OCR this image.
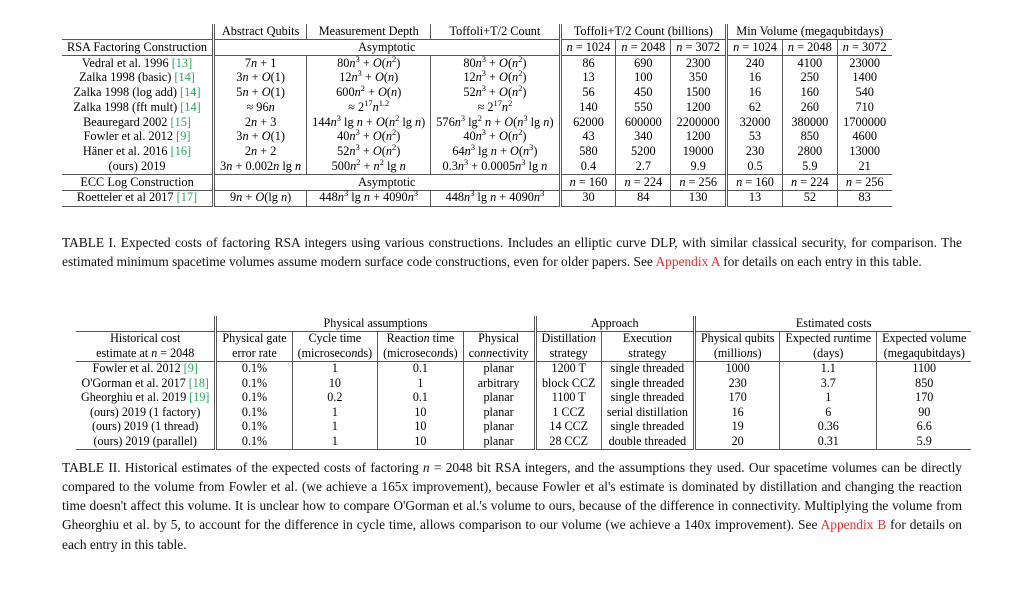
	Abstract Qubits	Measurement Depth	Toffoli+T/2 Count	Toffoli+T/2 Count (billions)			Min Volume (megaqubitdays)		
RSA Factoring Construction	Asymptotic			n = 1024	n = 2048	n = 3072	n = 1024	n = 2048	n = 3072
Vedral et al. 1996 [13]	7n + 1	$80n^3 + O(n^2)$	$80n^3 + O(n^2)$	86	690	2300	240	4100	23000
Zalka 1998 (basic) [14]	3n + O(1)	$12n^3 + O(n)$	$12n^3 + O(n^2)$	13	100	350	16	250	1400
Zalka 1998 (log add) [14]	5n + O(1)	$600n^2 + O(n)$	$52n^3 + O(n^2)$	56	450	1500	16	160	540
Zalka 1998 (fft mult) [14]	≈ 96n	≈ $2^{17}n^{1.2}$	≈ $2^{17}n^2$	140	550	1200	62	260	710
Beauregard 2002 [15]	2n + 3	$144n^3$ $\lg n + O(n^2$ lg n)	$576n^3$ $\lg^2 n + O(n^3$ lg n)	62000	600000	2200000	32000	380000	1700000
Fowler et al. 2012 [9]	3n + O(1)	$40n^3 + O(n^2)$	$40n^3 + O(n^2)$	43	340	1200	53	850	4600
Häner et al. 2016 [16]	2n + 2	$52n^3 + O(n^2)$	$64n^3$ $\lg n + O(n^3)$	580	5200	19000	230	2800	13000
(ours) 2019	3n + 0.002n lg n	$500n^2 + n^2$ lg n	$0.3n^3 + 0.0005n^3$ lg n	0.4	2.7	9.9	0.5	5.9	21
ECC Log Construction	Asymptotic			n = 160	n = 224	n = 256	n = 160	n = 224	n = 256
Roetteler et al 2017 [17]	9n + O(lg n)	$448n^3$ $\lg n + 4090n^3$	$448n^3$ $\lg n + 4090n^3$	30	84	130	13	52	83
TABLE I. Expected costs of factoring RSA integers using various constructions. Includes an elliptic curve DLP, with similar classical security, for comparison. The estimated minimum spacetime volumes assume modern surface code constructions, even for older papers. See Appendix A for details on each entry in this table.
	Physical assumptions				Approach		Estimated costs		
Historical cost	Physical gate	Cycle time	Reaction time	Physical	Distillation	Execution	Physical qubits	Expected runtime	Expected volume
estimate at n = 2048	error rate	(microseconds)	(microseconds)	connectivity	strategy	strategy	(millions)	(days)	(megaqubitdays)
Fowler et al. 2012 [9]	0.1%	1	0.1	planar	1200 T	single threaded	1000	1.1	1100
O'Gorman et al. 2017 [18]	0.1%	10	1	arbitrary	block CCZ	single threaded	230	3.7	850
Gheorghiu et al. 2019 [19]	0.1%	0.2	0.1	planar	1100 T	single threaded	170	1	170
(ours) 2019 (1 factory)	0.1%	1	10	planar	1 CCZ	serial distillation	16	6	90
(ours) 2019 (1 thread)	0.1%	1	10	planar	14 CCZ	single threaded	19	0.36	6.6
(ours) 2019 (parallel)	0.1%	1	10	planar	28 CCZ	double threaded	20	0.31	5.9
TABLE II. Historical estimates of the expected costs of factoring n = 2048 bit RSA integers, and the assumptions they used. Our spacetime volumes can be directly compared to the volume from Fowler et al. (we achieve a 165x improvement), because Fowler et al's estimate is dominated by distillation and changing the reaction time doesn't affect this volume. It is unclear how to compare O'Gorman et al.'s volume to ours, because of the difference in connectivity. Multiplying the volume from Gheorghiu et al. by 5, to account for the difference in cycle time, allows comparison to our volume (we achieve a 140x improvement). See Appendix B for details on each entry in this table.
